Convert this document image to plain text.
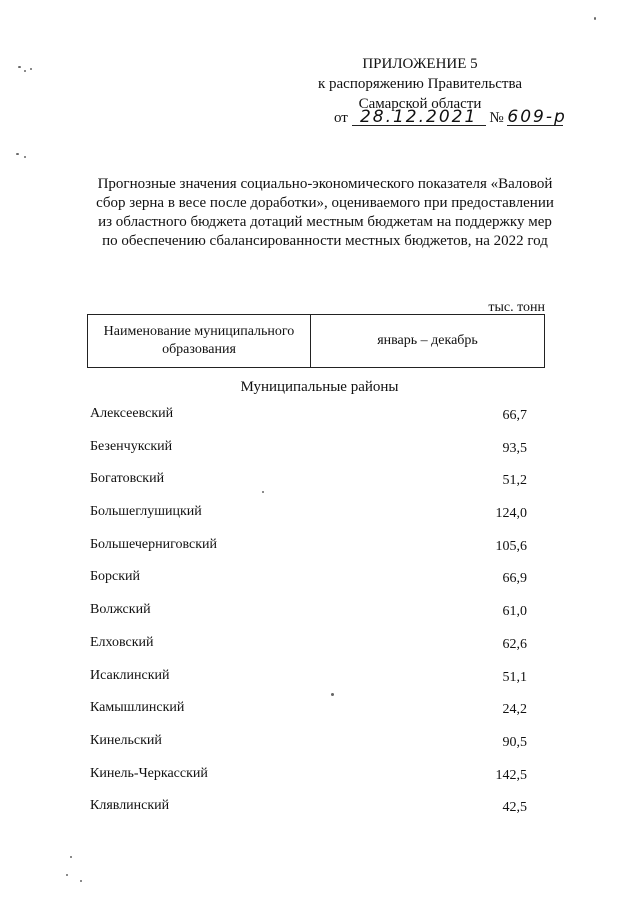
ПРИЛОЖЕНИЕ 5
к распоряжению Правительства
Самарской области
от 28.12.2021 № 609-р
Прогнозные значения социально-экономического показателя «Валовой сбор зерна в весе после доработки», оцениваемого при предоставлении из областного бюджета дотаций местным бюджетам на поддержку мер по обеспечению сбалансированности местных бюджетов, на 2022 год
тыс. тонн
Наименование муниципального образования	январь – декабрь
Муниципальные районы
Алексеевский	66,7
Безенчукский	93,5
Богатовский	51,2
Большеглушицкий	124,0
Большечерниговский	105,6
Борский	66,9
Волжский	61,0
Елховский	62,6
Исаклинский	51,1
Камышлинский	24,2
Кинельский	90,5
Кинель-Черкасский	142,5
Клявлинский	42,5
